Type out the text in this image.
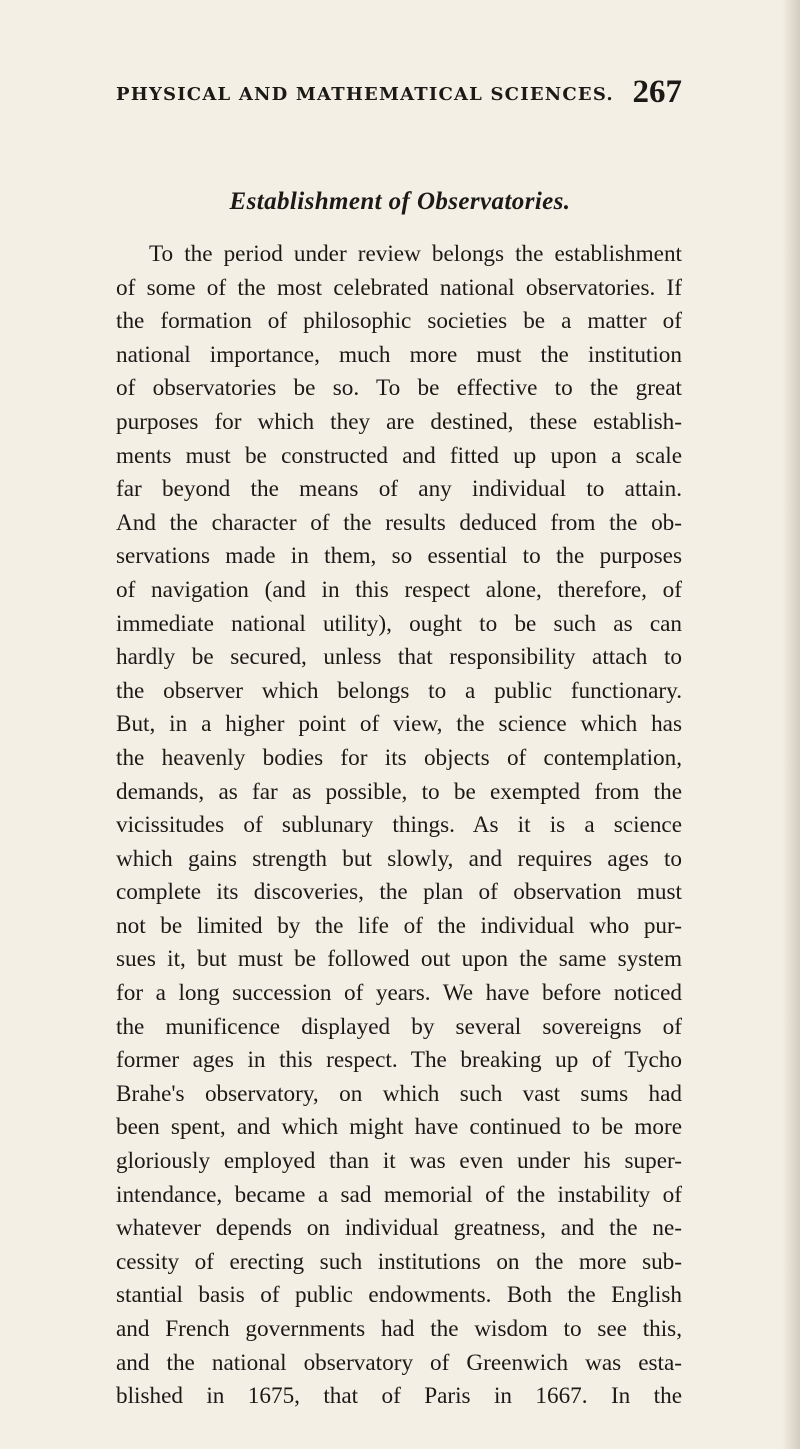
PHYSICAL AND MATHEMATICAL SCIENCES. 267
Establishment of Observatories.
To the period under review belongs the establishment
of some of the most celebrated national observatories. If
the formation of philosophic societies be a matter of
national importance, much more must the institution
of observatories be so. To be effective to the great
purposes for which they are destined, these establish-
ments must be constructed and fitted up upon a scale
far beyond the means of any individual to attain.
And the character of the results deduced from the ob-
servations made in them, so essential to the purposes
of navigation (and in this respect alone, therefore, of
immediate national utility), ought to be such as can
hardly be secured, unless that responsibility attach to
the observer which belongs to a public functionary.
But, in a higher point of view, the science which has
the heavenly bodies for its objects of contemplation,
demands, as far as possible, to be exempted from the
vicissitudes of sublunary things. As it is a science
which gains strength but slowly, and requires ages to
complete its discoveries, the plan of observation must
not be limited by the life of the individual who pur-
sues it, but must be followed out upon the same system
for a long succession of years. We have before noticed
the munificence displayed by several sovereigns of
former ages in this respect. The breaking up of Tycho
Brahe's observatory, on which such vast sums had
been spent, and which might have continued to be more
gloriously employed than it was even under his super-
intendance, became a sad memorial of the instability of
whatever depends on individual greatness, and the ne-
cessity of erecting such institutions on the more sub-
stantial basis of public endowments. Both the English
and French governments had the wisdom to see this,
and the national observatory of Greenwich was esta-
blished in 1675, that of Paris in 1667. In the
